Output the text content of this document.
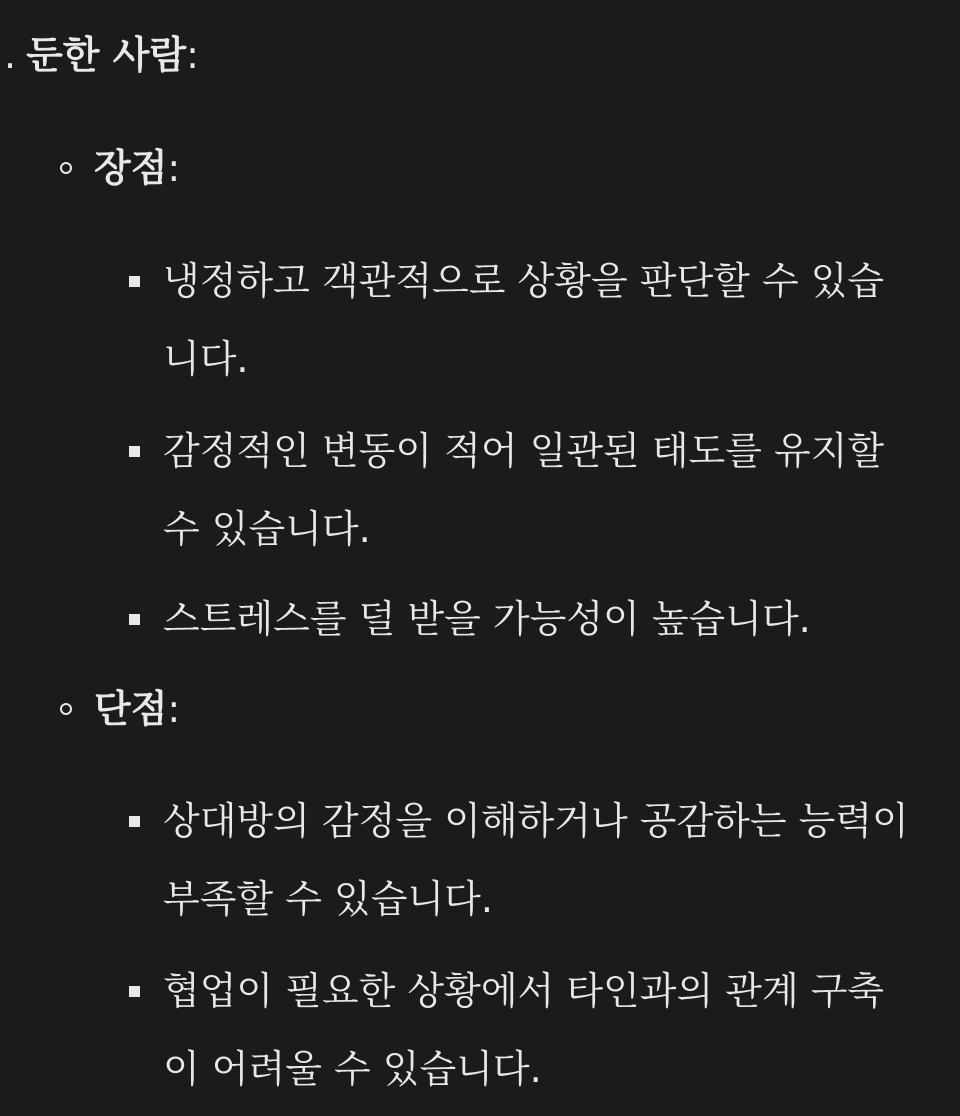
. 둔한 사람:
장점:
냉정하고 객관적으로 상황을 판단할 수 있습
니다.
감정적인 변동이 적어 일관된 태도를 유지할
수 있습니다.
스트레스를 덜 받을 가능성이 높습니다.
단점:
상대방의 감정을 이해하거나 공감하는 능력이
부족할 수 있습니다.
협업이 필요한 상황에서 타인과의 관계 구축
이 어려울 수 있습니다.
